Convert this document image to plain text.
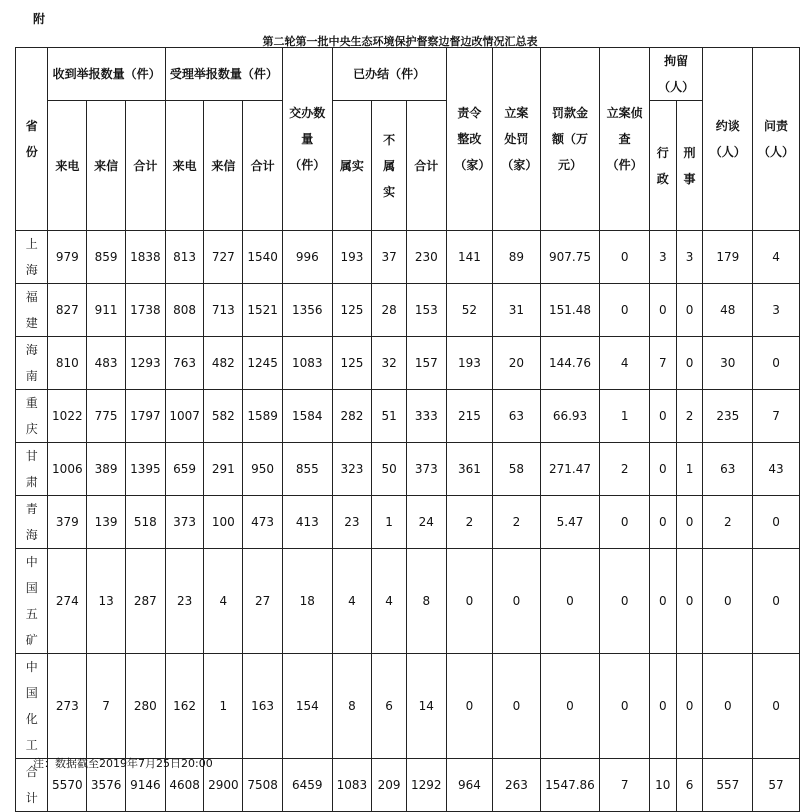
附
第二轮第一批中央生态环境保护督察边督边改情况汇总表
省份	收到举报数量（件）			受理举报数量（件）			交办数量（件）	已办结（件）			责令整改（家）	立案处罚（家）	罚款金额（万元）	立案侦查（件）	拘留（人）		约谈（人）	问责（人）
	来电	来信	合计	来电	来信	合计		属实	不属实	合计					行政	刑事		
上海	979	859	1838	813	727	1540	996	193	37	230	141	89	907.75	0	3	3	179	4
福建	827	911	1738	808	713	1521	1356	125	28	153	52	31	151.48	0	0	0	48	3
海南	810	483	1293	763	482	1245	1083	125	32	157	193	20	144.76	4	7	0	30	0
重庆	1022	775	1797	1007	582	1589	1584	282	51	333	215	63	66.93	1	0	2	235	7
甘肃	1006	389	1395	659	291	950	855	323	50	373	361	58	271.47	2	0	1	63	43
青海	379	139	518	373	100	473	413	23	1	24	2	2	5.47	0	0	0	2	0
中国五矿	274	13	287	23	4	27	18	4	4	8	0	0	0	0	0	0	0	0
中国化工	273	7	280	162	1	163	154	8	6	14	0	0	0	0	0	0	0	0
合计	5570	3576	9146	4608	2900	7508	6459	1083	209	1292	964	263	1547.86	7	10	6	557	57
注：数据截至2019年7月25日20:00
